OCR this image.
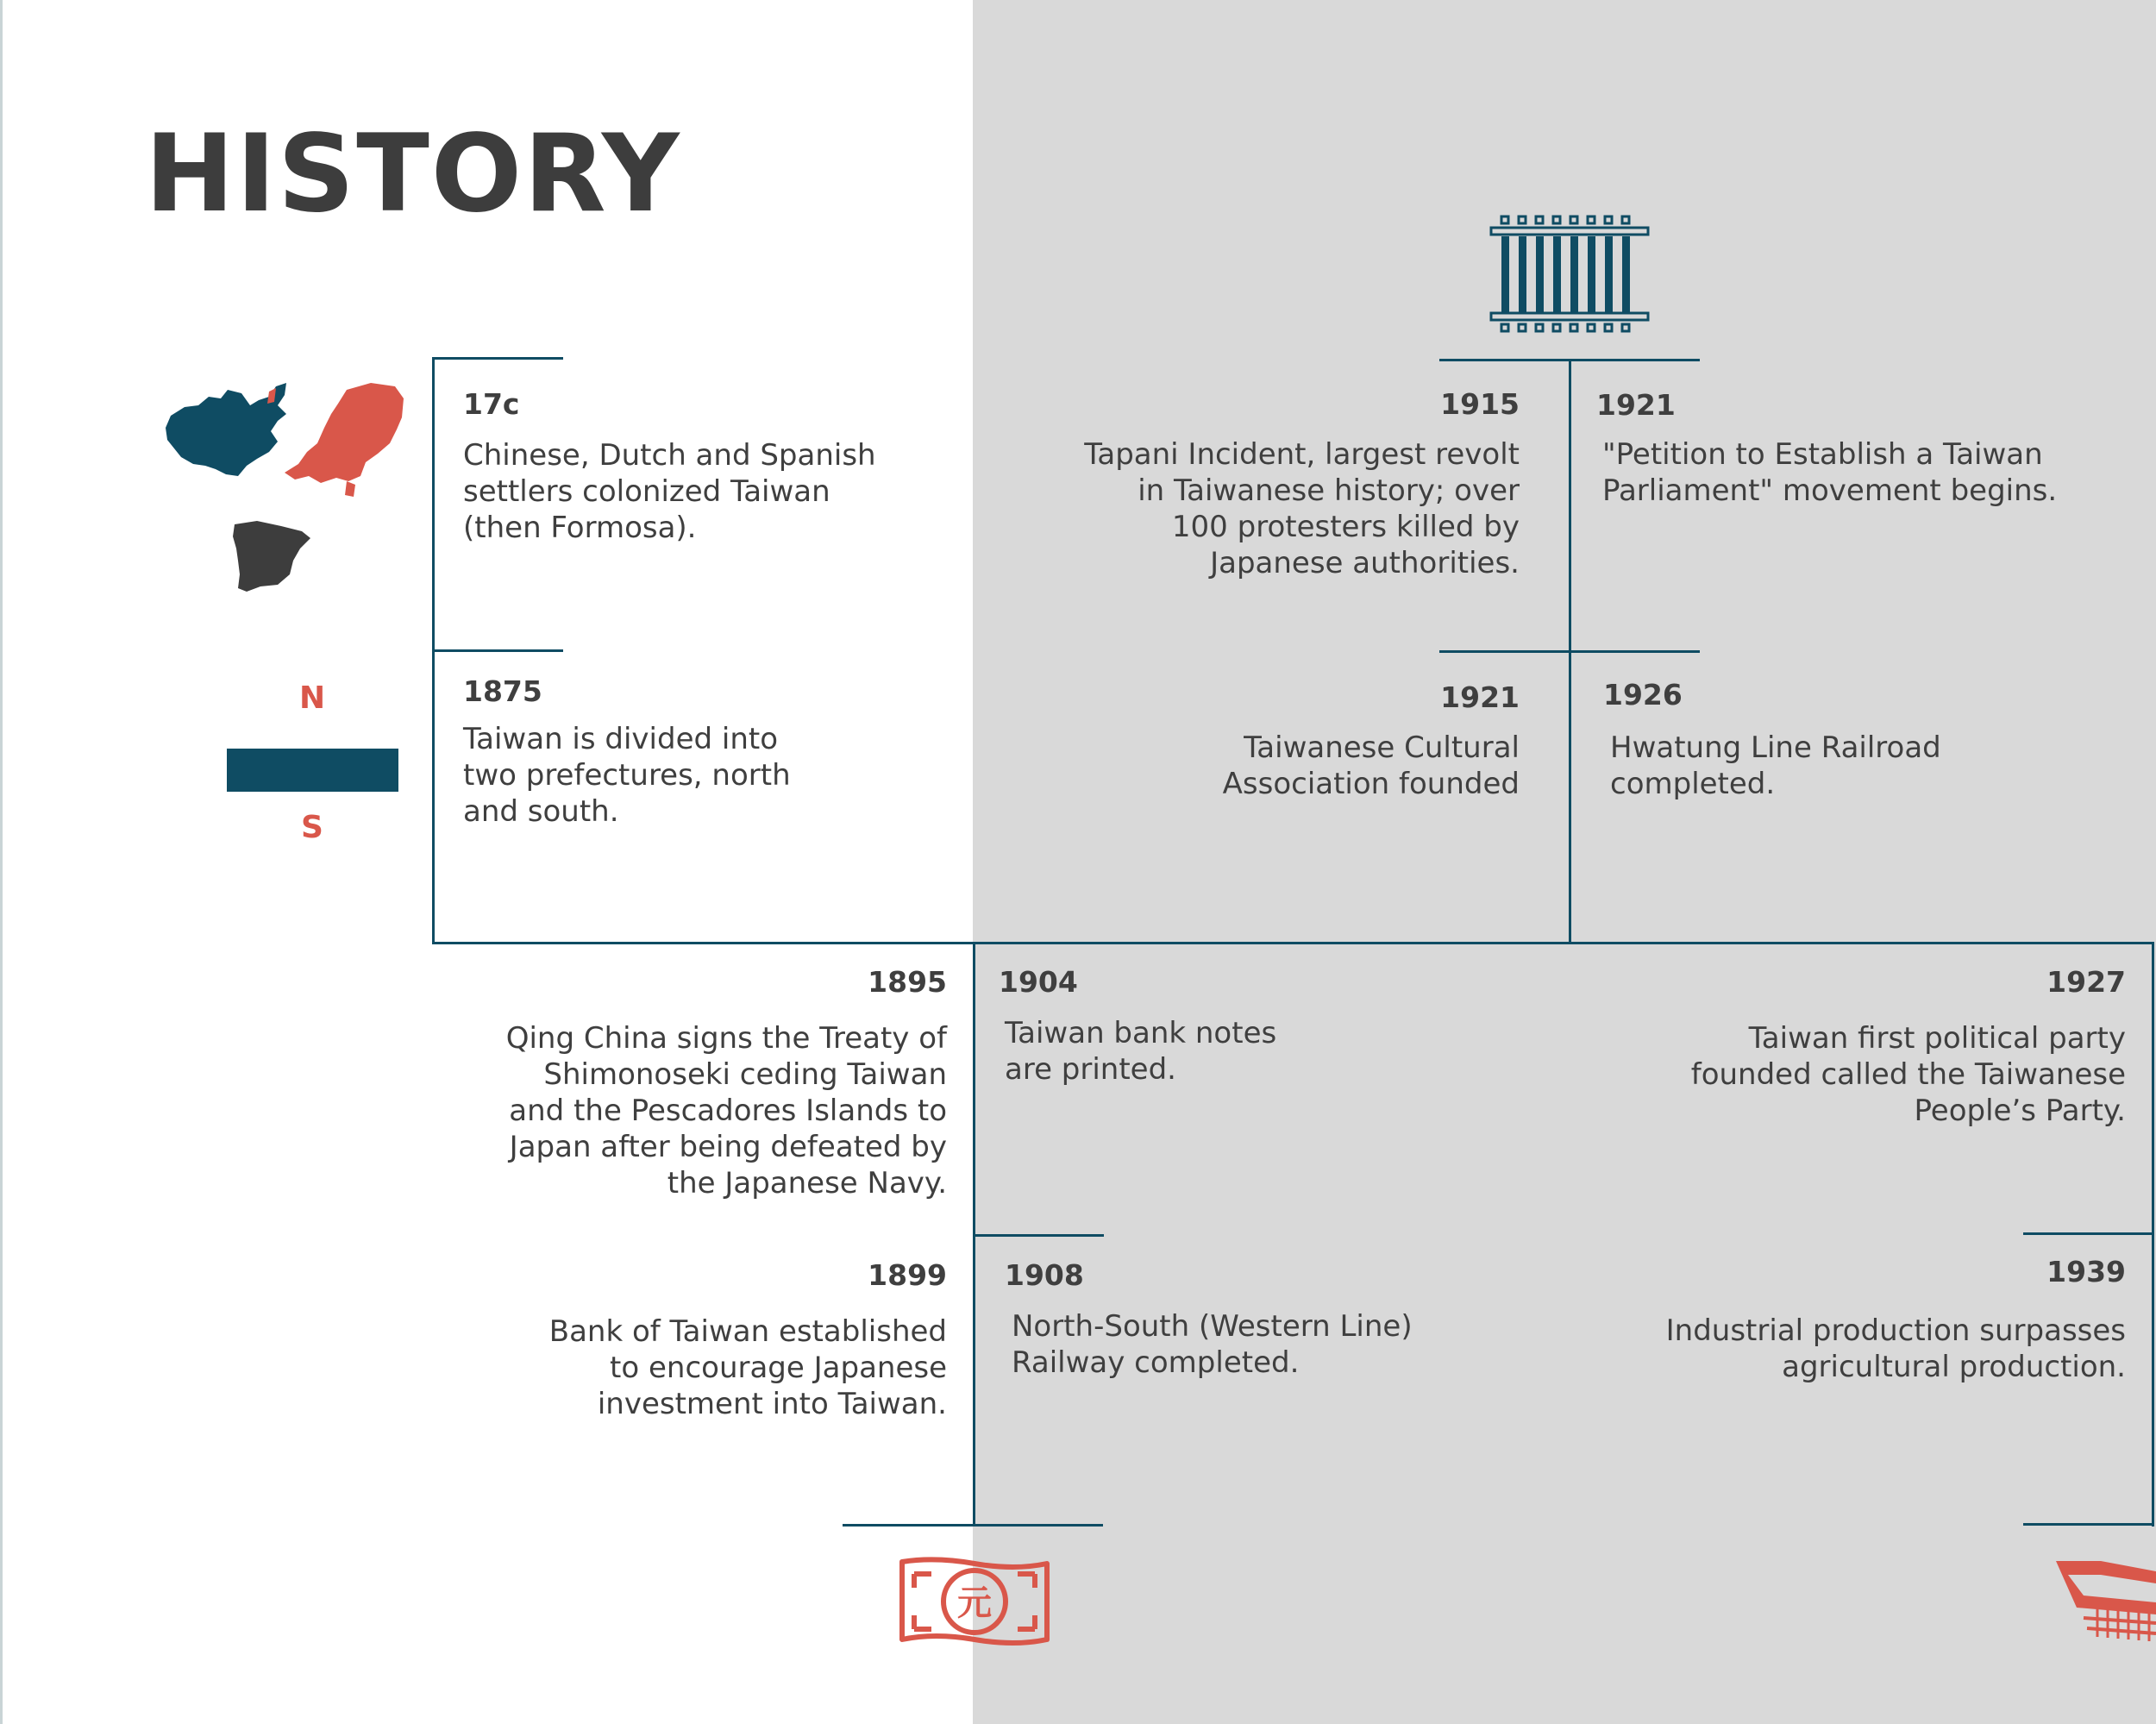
HISTORY
17c
Chinese, Dutch and Spanish settlers colonized Taiwan (then Formosa).
1875
Taiwan is divided into two prefectures, north and south.
1895
Qing China signs the Treaty of Shimonoseki ceding Taiwan and the Pescadores Islands to Japan after being defeated by the Japanese Navy.
1899
Bank of Taiwan established to encourage Japanese investment into Taiwan.
1904
Taiwan bank notes are printed.
1908
North-South (Western Line) Railway completed.
1915
Tapani Incident, largest revolt in Taiwanese history; over 100 protesters killed by Japanese authorities.
1921
Taiwanese Cultural Association founded
1921
"Petition to Establish a Taiwan Parliament" movement begins.
1926
Hwatung Line Railroad completed.
1927
Taiwan first political party founded called the Taiwanese People’s Party.
1939
Industrial production surpasses agricultural production.
N
S
元
